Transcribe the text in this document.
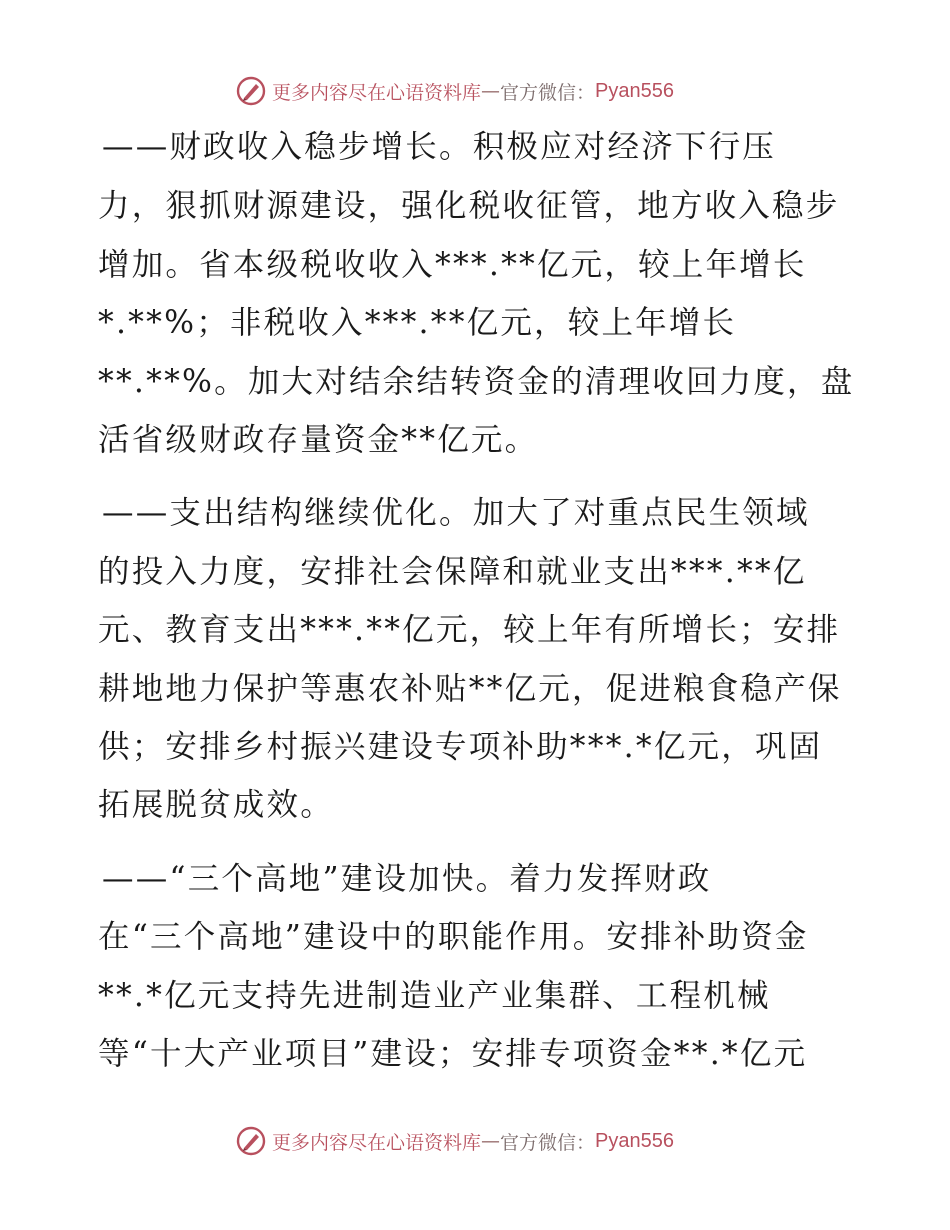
更多内容尽在心语资料库 — 官方微信： Pyan556
——财政收入稳步增长。积极应对经济下行压
力，狠抓财源建设，强化税收征管，地方收入稳步
增加。省本级税收收入***.**亿元，较上年增长
*.**%；非税收入***.**亿元，较上年增长
**.**%。加大对结余结转资金的清理收回力度，盘
活省级财政存量资金**亿元。
——支出结构继续优化。加大了对重点民生领域
的投入力度，安排社会保障和就业支出***.**亿
元、教育支出***.**亿元，较上年有所增长；安排
耕地地力保护等惠农补贴**亿元，促进粮食稳产保
供；安排乡村振兴建设专项补助***.*亿元，巩固
拓展脱贫成效。
——“三个高地”建设加快。着力发挥财政
在“三个高地”建设中的职能作用。安排补助资金
**.*亿元支持先进制造业产业集群、工程机械
等“十大产业项目”建设；安排专项资金**.*亿元
更多内容尽在心语资料库 — 官方微信： Pyan556
